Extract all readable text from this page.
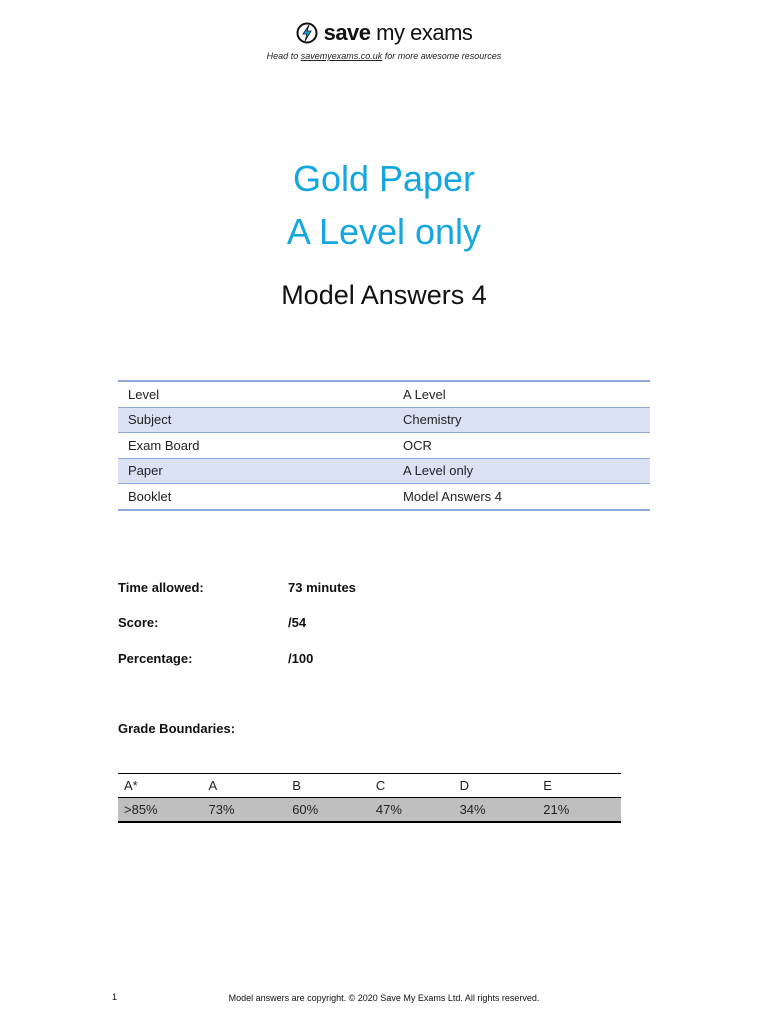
save my exams
Head to savemyexams.co.uk for more awesome resources
Gold Paper
A Level only
Model Answers 4
Level	A Level
Subject	Chemistry
Exam Board	OCR
Paper	A Level only
Booklet	Model Answers 4
Time allowed:	73 minutes
Score:	/54
Percentage:	/100
Grade Boundaries:
A*	A	B	C	D	E
>85%	73%	60%	47%	34%	21%
1	Model answers are copyright. © 2020 Save My Exams Ltd. All rights reserved.
